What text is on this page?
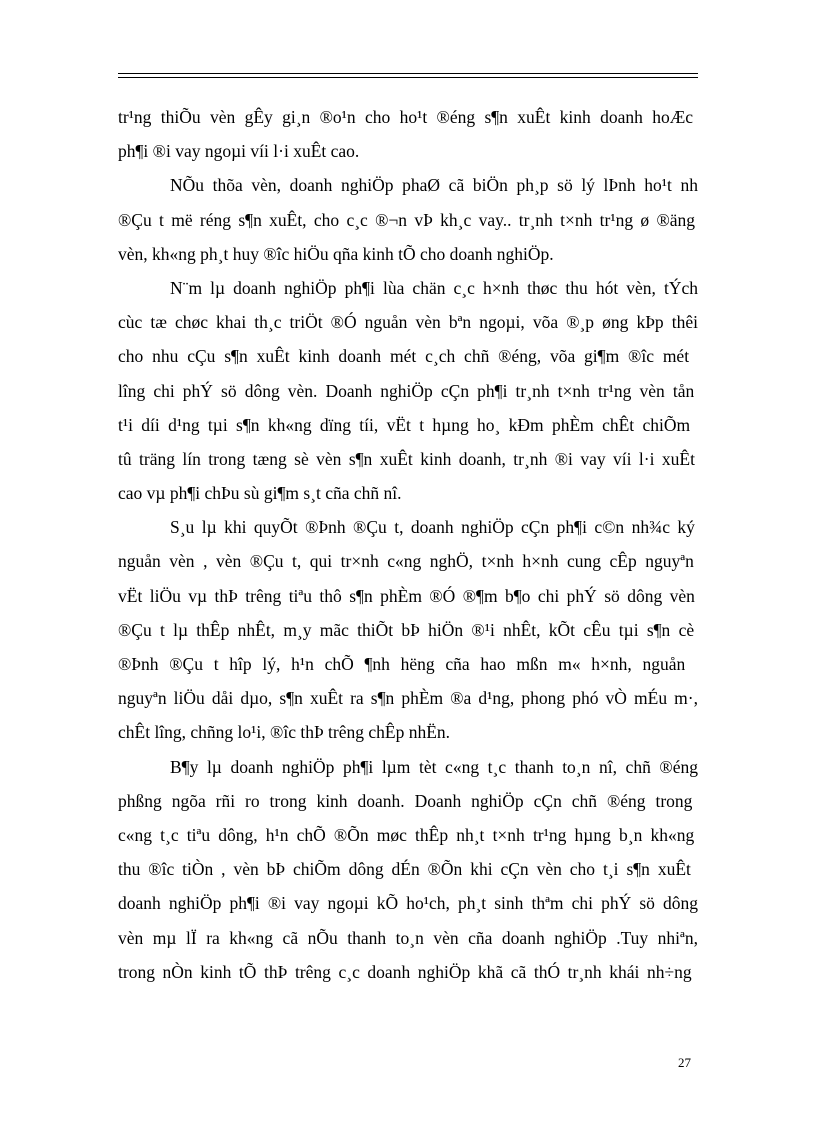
tr¹ng thiÕu vèn gÊy gi¸n ®o¹n cho ho¹t ®éng s¶n xuÊt kinh doanh hoÆc
ph¶i ®i vay ngoµi víi l·i xuÊt cao.
NÕu thõa vèn, doanh nghiÖp phaØ cã biÖn ph¸p sö lý lÞnh ho¹t nh
®Çu t më réng s¶n xuÊt, cho c¸c ®¬n vÞ kh¸c vay.. tr¸nh t×nh tr¹ng ø ®äng
vèn, kh«ng ph¸t huy ®îc hiÖu qña kinh tÕ cho doanh nghiÖp.
N¨m lµ doanh nghiÖp ph¶i lùa chän c¸c h×nh thøc thu hót vèn, tÝch
cùc tæ chøc khai th¸c triÖt ®Ó nguån vèn bªn ngoµi, võa ®¸p øng kÞp thêi
cho nhu cÇu s¶n xuÊt kinh doanh mét c¸ch chñ ®éng, võa gi¶m ®îc mét
lîng chi phÝ sö dông vèn. Doanh nghiÖp cÇn ph¶i tr¸nh t×nh tr¹ng vèn tån
t¹i díi d¹ng tµi s¶n kh«ng dïng tíi, vËt t hµng ho¸ kÐm phÈm chÊt chiÕm
tû träng lín trong tæng sè vèn s¶n xuÊt kinh doanh, tr¸nh ®i vay víi l·i xuÊt
cao vµ ph¶i chÞu sù gi¶m s¸t cña chñ nî.
S¸u lµ khi quyÕt ®Þnh ®Çu t, doanh nghiÖp cÇn ph¶i c©n nh¾c ký
nguån vèn , vèn ®Çu t, qui tr×nh c«ng nghÖ, t×nh h×nh cung cÊp nguyªn
vËt liÖu vµ thÞ trêng tiªu thô s¶n phÈm ®Ó ®¶m b¶o chi phÝ sö dông vèn
®Çu t lµ thÊp nhÊt, m¸y mãc thiÕt bÞ hiÖn ®¹i nhÊt, kÕt cÊu tµi s¶n cè
®Þnh ®Çu t hîp lý, h¹n chÕ ¶nh hëng cña hao mßn m« h×nh, nguån
nguyªn liÖu dåi dµo, s¶n xuÊt ra s¶n phÈm ®a d¹ng, phong phó vÒ mÉu m·,
chÊt lîng, chñng lo¹i, ®îc thÞ trêng chÊp nhËn.
B¶y lµ doanh nghiÖp ph¶i lµm tèt c«ng t¸c thanh to¸n nî, chñ ®éng
phßng ngõa rñi ro trong kinh doanh. Doanh nghiÖp cÇn chñ ®éng trong
c«ng t¸c tiªu dông, h¹n chÕ ®Õn møc thÊp nh¸t t×nh tr¹ng hµng b¸n kh«ng
thu ®îc tiÒn , vèn bÞ chiÕm dông dÉn ®Õn khi cÇn vèn cho t¸i s¶n xuÊt
doanh nghiÖp ph¶i ®i vay ngoµi kÕ ho¹ch, ph¸t sinh thªm chi phÝ sö dông
vèn mµ lÏ ra kh«ng cã nÕu thanh to¸n vèn cña doanh nghiÖp .Tuy nhiªn,
trong nÒn kinh tÕ thÞ trêng c¸c doanh nghiÖp khã cã thÓ tr¸nh khái nh÷ng
27
